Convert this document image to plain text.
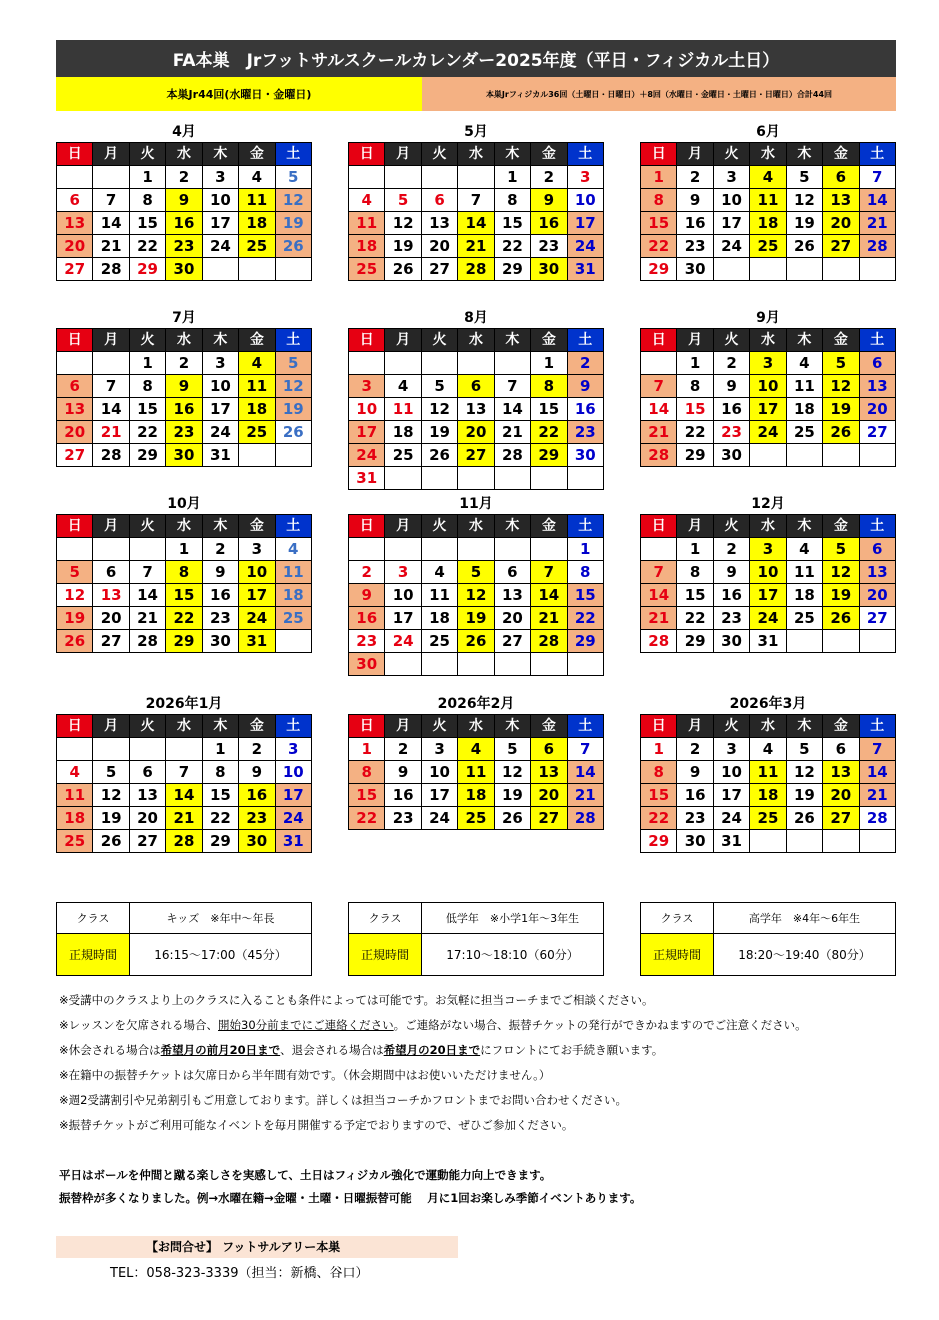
FA本巣　Jrフットサルスクールカレンダー2025年度（平日・フィジカル土日）
本巣Jr44回(水曜日・金曜日)	本巣Jrフィジカル36回（土曜日・日曜日）＋8回（水曜日・金曜日・土曜日・日曜日）合計44回
4月
日	月	火	水	木	金	土
		1	2	3	4	5
6	7	8	9	10	11	12
13	14	15	16	17	18	19
20	21	22	23	24	25	26
27	28	29	30			
5月
日	月	火	水	木	金	土
				1	2	3
4	5	6	7	8	9	10
11	12	13	14	15	16	17
18	19	20	21	22	23	24
25	26	27	28	29	30	31
6月
日	月	火	水	木	金	土
1	2	3	4	5	6	7
8	9	10	11	12	13	14
15	16	17	18	19	20	21
22	23	24	25	26	27	28
29	30					
7月
日	月	火	水	木	金	土
		1	2	3	4	5
6	7	8	9	10	11	12
13	14	15	16	17	18	19
20	21	22	23	24	25	26
27	28	29	30	31		
8月
日	月	火	水	木	金	土
					1	2
3	4	5	6	7	8	9
10	11	12	13	14	15	16
17	18	19	20	21	22	23
24	25	26	27	28	29	30
31						
9月
日	月	火	水	木	金	土
	1	2	3	4	5	6
7	8	9	10	11	12	13
14	15	16	17	18	19	20
21	22	23	24	25	26	27
28	29	30				
10月
日	月	火	水	木	金	土
			1	2	3	4
5	6	7	8	9	10	11
12	13	14	15	16	17	18
19	20	21	22	23	24	25
26	27	28	29	30	31	
11月
日	月	火	水	木	金	土
						1
2	3	4	5	6	7	8
9	10	11	12	13	14	15
16	17	18	19	20	21	22
23	24	25	26	27	28	29
30						
12月
日	月	火	水	木	金	土
	1	2	3	4	5	6
7	8	9	10	11	12	13
14	15	16	17	18	19	20
21	22	23	24	25	26	27
28	29	30	31			
2026年1月
日	月	火	水	木	金	土
				1	2	3
4	5	6	7	8	9	10
11	12	13	14	15	16	17
18	19	20	21	22	23	24
25	26	27	28	29	30	31
2026年2月
日	月	火	水	木	金	土
1	2	3	4	5	6	7
8	9	10	11	12	13	14
15	16	17	18	19	20	21
22	23	24	25	26	27	28
2026年3月
日	月	火	水	木	金	土
1	2	3	4	5	6	7
8	9	10	11	12	13	14
15	16	17	18	19	20	21
22	23	24	25	26	27	28
29	30	31				
クラス	キッズ　※年中～年長
正規時間	16:15～17:00（45分）
クラス	低学年　※小学1年～3年生
正規時間	17:10～18:10（60分）
クラス	高学年　※4年～6年生
正規時間	18:20～19:40（80分）
※受講中のクラスより上のクラスに入ることも条件によっては可能です。お気軽に担当コーチまでご相談ください。
※レッスンを欠席される場合、開始30分前までにご連絡ください。ご連絡がない場合、振替チケットの発行ができかねますのでご注意ください。
※休会される場合は希望月の前月20日まで、退会される場合は希望月の20日までにフロントにてお手続き願います。
※在籍中の振替チケットは欠席日から半年間有効です。（休会期間中はお使いいただけません。）
※週2受講割引や兄弟割引もご用意しております。詳しくは担当コーチかフロントまでお問い合わせください。
※振替チケットがご利用可能なイベントを毎月開催する予定でおりますので、ぜひご参加ください。
平日はボールを仲間と蹴る楽しさを実感して、土日はフィジカル強化で運動能力向上できます。
振替枠が多くなりました。例→水曜在籍→金曜・土曜・日曜振替可能　 月に1回お楽しみ季節イベントあります。
【お問合せ】 フットサルアリー本巣
TEL：058-323-3339（担当：新橋、谷口）
